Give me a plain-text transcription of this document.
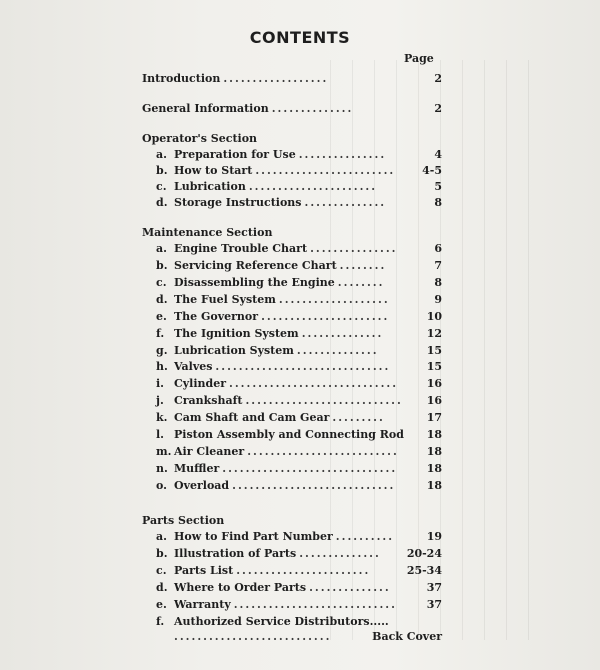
CONTENTS
Page
Introduction ..................	2
General Information ..............	2
Operator's Section
a. Preparation for Use ...............	4
b. How to Start ........................	4-5
c. Lubrication ......................	5
d. Storage Instructions ..............	8
Maintenance Section
a. Engine Trouble Chart ...............	6
b. Servicing Reference Chart ........	7
c. Disassembling the Engine ........	8
d. The Fuel System ...................	9
e. The Governor ......................	10
f. The Ignition System ..............	12
g. Lubrication System ..............	15
h. Valves ..............................	15
i. Cylinder .............................	16
j. Crankshaft ...........................	16
k. Cam Shaft and Cam Gear .........	17
l. Piston Assembly and Connecting Rod 18
m. Air Cleaner ..........................	18
n. Muffler ..............................	18
o. Overload ............................	18
Parts Section
a. How to Find Part Number ..........	19
b. Illustration of Parts ..............	20-24
c. Parts List .......................	25-34
d. Where to Order Parts ..............	37
e. Warranty ............................	37
f. Authorized Service Distributors.....
...........................	Back Cover
